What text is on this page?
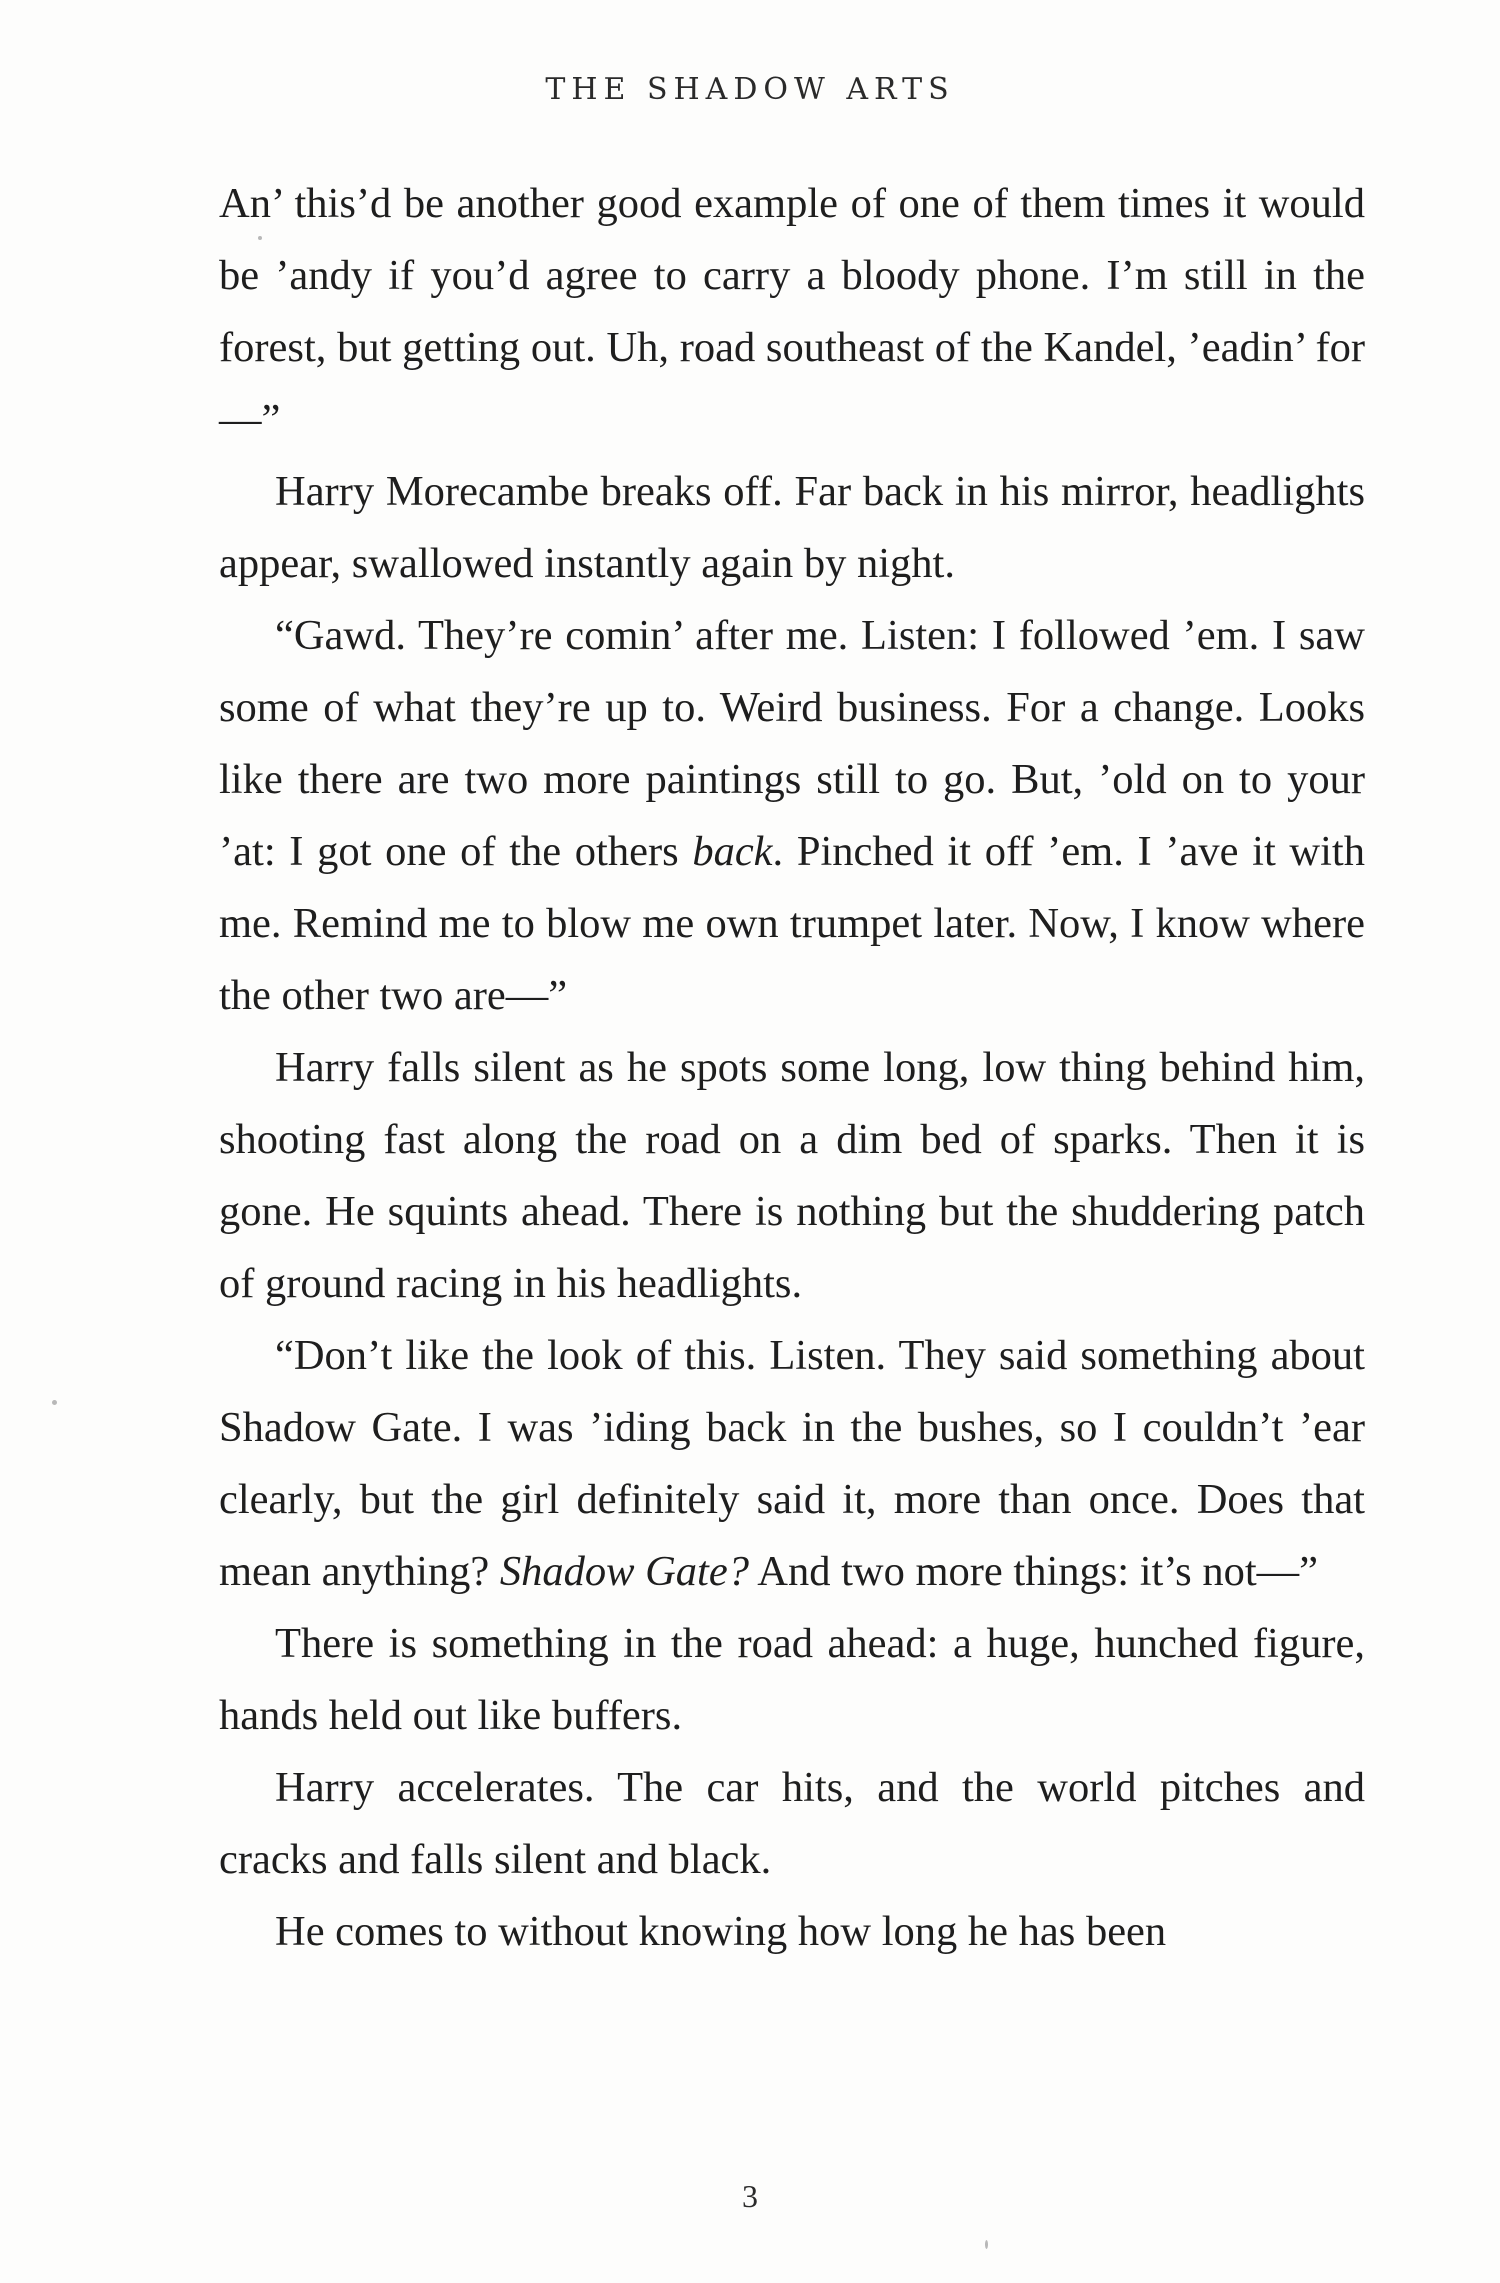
THE SHADOW ARTS

An’ this’d be another good example of one of them times it would be ’andy if you’d agree to carry a bloody phone. I’m still in the forest, but getting out. Uh, road southeast of the Kandel, ’eadin’ for—”

Harry Morecambe breaks off. Far back in his mirror, headlights appear, swallowed instantly again by night.

“Gawd. They’re comin’ after me. Listen: I followed ’em. I saw some of what they’re up to. Weird business. For a change. Looks like there are two more paintings still to go. But, ’old on to your ’at: I got one of the others back. Pinched it off ’em. I ’ave it with me. Remind me to blow me own trumpet later. Now, I know where the other two are—”

Harry falls silent as he spots some long, low thing behind him, shooting fast along the road on a dim bed of sparks. Then it is gone. He squints ahead. There is nothing but the shuddering patch of ground racing in his headlights.

“Don’t like the look of this. Listen. They said something about Shadow Gate. I was ’iding back in the bushes, so I couldn’t ’ear clearly, but the girl definitely said it, more than once. Does that mean anything? Shadow Gate? And two more things: it’s not—”

There is something in the road ahead: a huge, hunched figure, hands held out like buffers.

Harry accelerates. The car hits, and the world pitches and cracks and falls silent and black.

He comes to without knowing how long he has been

3
